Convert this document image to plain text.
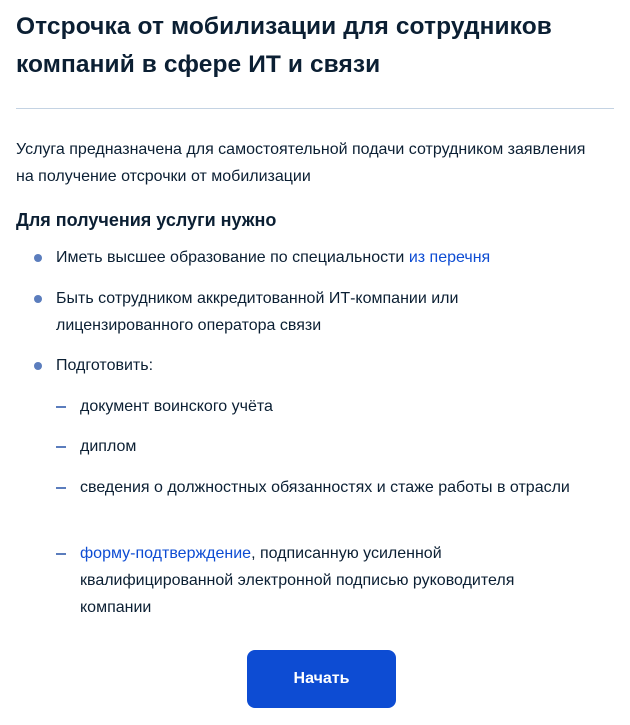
Отсрочка от мобилизации для сотрудников компаний в сфере ИТ и связи

Услуга предназначена для самостоятельной подачи сотрудником заявления на получение отсрочки от мобилизации

Для получения услуги нужно

Иметь высшее образование по специальности из перечня

Быть сотрудником аккредитованной ИТ-компании или лицензированного оператора связи

Подготовить:

документ воинского учёта

диплом

сведения о должностных обязанностях и стаже работы в отрасли

форму-подтверждение, подписанную усиленной квалифицированной электронной подписью руководителя компании

Начать
